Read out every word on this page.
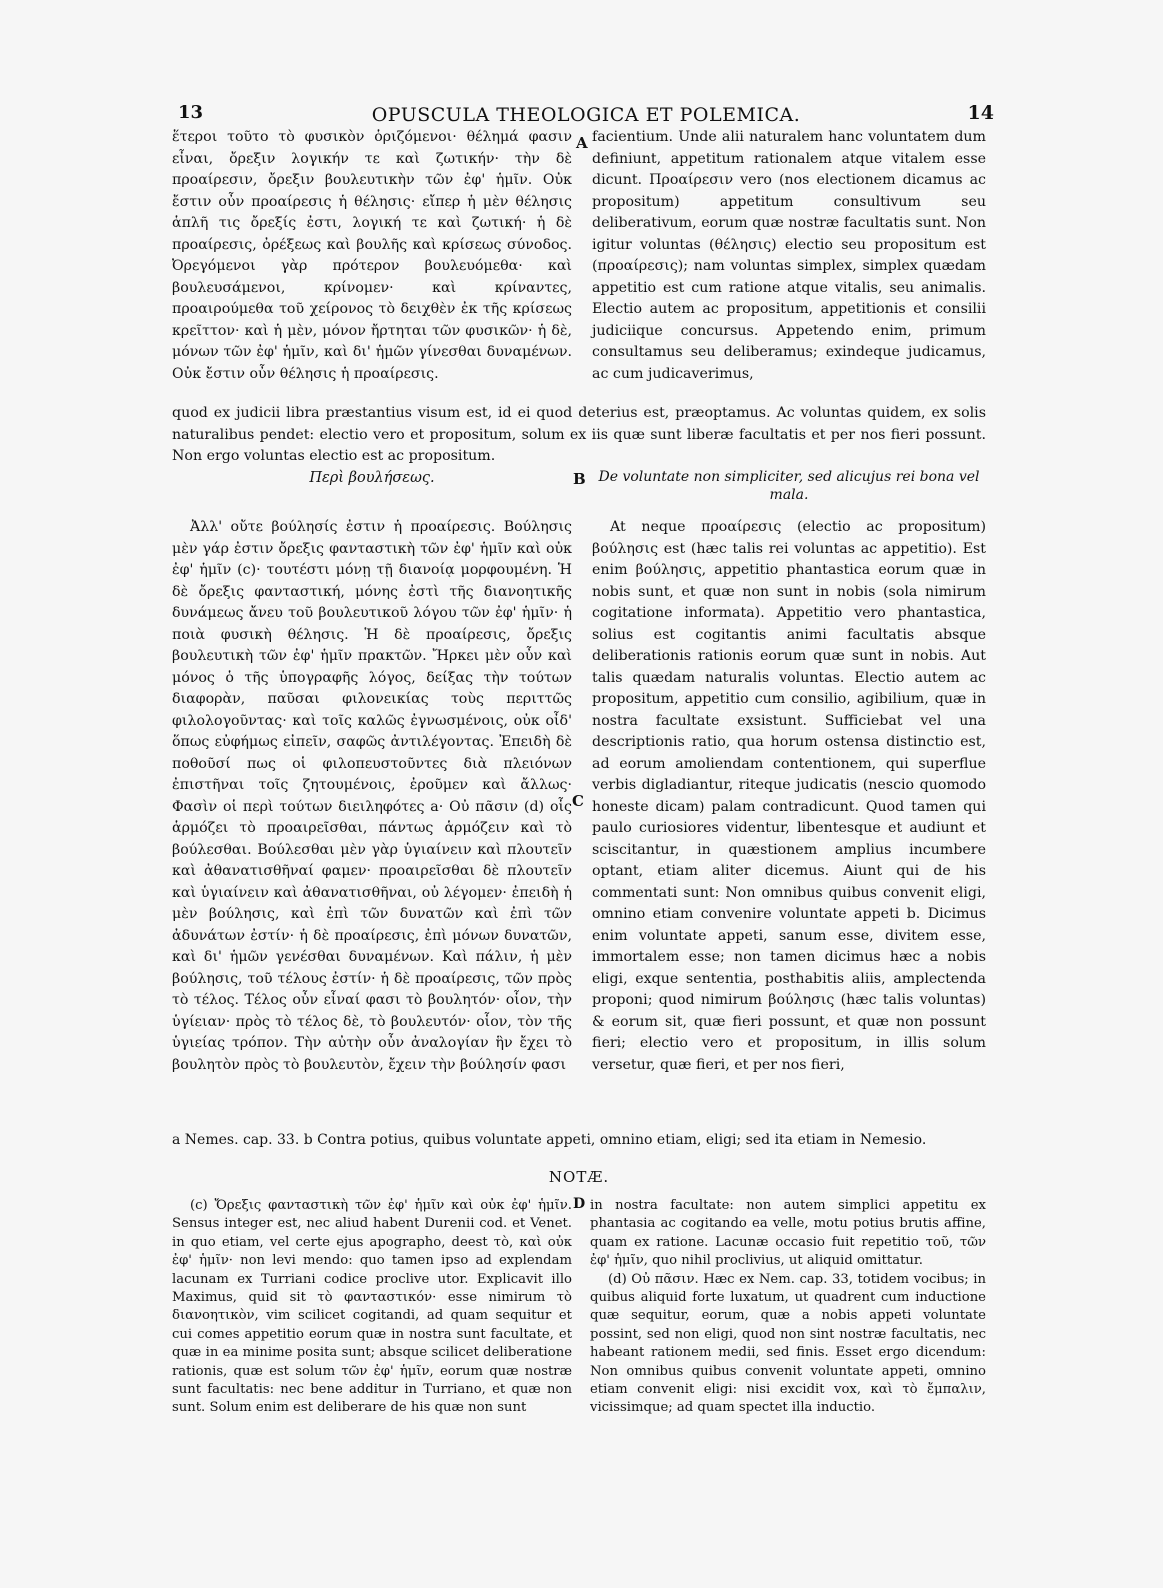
13	OPUSCULA THEOLOGICA ET POLEMICA.	14

ἕτεροι τοῦτο τὸ φυσικὸν ὁριζόμενοι· θέλημά φασιν εἶναι, ὄρεξιν λογικήν τε καὶ ζωτικήν· τὴν δὲ προαίρεσιν, ὄρεξιν βουλευτικὴν τῶν ἐφ' ἡμῖν. Οὐκ ἔστιν οὖν προαίρεσις ἡ θέλησις· εἴπερ ἡ μὲν θέλησις ἁπλῆ τις ὄρεξίς ἐστι, λογική τε καὶ ζωτική· ἡ δὲ προαίρεσις, ὀρέξεως καὶ βουλῆς καὶ κρίσεως σύνοδος. Ὀρεγόμενοι γὰρ πρότερον βουλευόμεθα· καὶ βουλευσάμενοι, κρίνομεν· καὶ κρίναντες, προαιρούμεθα τοῦ χείρονος τὸ δειχθὲν ἐκ τῆς κρίσεως κρεῖττον· καὶ ἡ μὲν, μόνον ἤρτηται τῶν φυσικῶν· ἡ δὲ, μόνων τῶν ἐφ' ἡμῖν, καὶ δι' ἡμῶν γίνεσθαι δυναμένων. Οὐκ ἔστιν οὖν θέλησις ἡ προαίρεσις.

A facientium. Unde alii naturalem hanc voluntatem dum definiunt, appetitum rationalem atque vitalem esse dicunt. Προαίρεσιν vero (nos electionem dicamus ac propositum) appetitum consultivum seu deliberativum, eorum quæ nostræ facultatis sunt. Non igitur voluntas (θέλησις) electio seu propositum est (προαίρεσις); nam voluntas simplex, simplex quædam appetitio est cum ratione atque vitalis, seu animalis. Electio autem ac propositum, appetitionis et consilii judiciique concursus. Appetendo enim, primum consultamus seu deliberamus; exindeque judicamus, ac cum judicaverimus,

quod ex judicii libra præstantius visum est, id ei quod deterius est, præoptamus. Ac voluntas quidem, ex solis naturalibus pendet: electio vero et propositum, solum ex iis quæ sunt liberæ facultatis et per nos fieri possunt. Non ergo voluntas electio est ac propositum.
Περὶ βουλήσεως.	B De voluntate non simpliciter, sed alicujus rei bona vel mala.

Ἀλλ' οὔτε βούλησίς ἐστιν ἡ προαίρεσις. Βούλησις μὲν γάρ ἐστιν ὄρεξις φανταστικὴ τῶν ἐφ' ἡμῖν καὶ οὐκ ἐφ' ἡμῖν (c)· τουτέστι μόνῃ τῇ διανοίᾳ μορφουμένη. Ἡ δὲ ὄρεξις φανταστική, μόνης ἐστὶ τῆς διανοητικῆς δυνάμεως ἄνευ τοῦ βουλευτικοῦ λόγου τῶν ἐφ' ἡμῖν· ἡ ποιὰ φυσικὴ θέλησις. Ἡ δὲ προαίρεσις, ὄρεξις βουλευτικὴ τῶν ἐφ' ἡμῖν πρακτῶν. Ἤρκει μὲν οὖν καὶ μόνος ὁ τῆς ὑπογραφῆς λόγος, δείξας τὴν τούτων διαφορὰν, παῦσαι φιλονεικίας τοὺς περιττῶς φιλολογοῦντας· καὶ τοῖς καλῶς ἐγνωσμένοις, οὐκ οἶδ' ὅπως εὐφήμως εἰπεῖν, σαφῶς ἀντιλέγοντας. Ἐπειδὴ δὲ ποθοῦσί πως οἱ φιλοπευστοῦντες διὰ πλειόνων ἐπιστῆναι τοῖς ζητουμένοις, ἐροῦμεν καὶ ἄλλως· Φασὶν οἱ περὶ τούτων διειληφότες a· Οὐ πᾶσιν (d) οἷς ἁρμόζει τὸ προαιρεῖσθαι, πάντως ἁρμόζειν καὶ τὸ βούλεσθαι. Βούλεσθαι μὲν γὰρ ὑγιαίνειν καὶ πλουτεῖν καὶ ἀθανατισθῆναί φαμεν· προαιρεῖσθαι δὲ πλουτεῖν καὶ ὑγιαίνειν καὶ ἀθανατισθῆναι, οὐ λέγομεν· ἐπειδὴ ἡ μὲν βούλησις, καὶ ἐπὶ τῶν δυνατῶν καὶ ἐπὶ τῶν ἀδυνάτων ἐστίν· ἡ δὲ προαίρεσις, ἐπὶ μόνων δυνατῶν, καὶ δι' ἡμῶν γενέσθαι δυναμένων. Καὶ πάλιν, ἡ μὲν βούλησις, τοῦ τέλους ἐστίν· ἡ δὲ προαίρεσις, τῶν πρὸς τὸ τέλος. Τέλος οὖν εἶναί φασι τὸ βουλητόν· οἷον, τὴν ὑγίειαν· πρὸς τὸ τέλος δὲ, τὸ βουλευτόν· οἷον, τὸν τῆς ὑγιείας τρόπον. Τὴν αὐτὴν οὖν ἀναλογίαν ἣν ἔχει τὸ βουλητὸν πρὸς τὸ βουλευτὸν, ἔχειν τὴν βούλησίν φασι

C

At neque προαίρεσις (electio ac propositum) βούλησις est (hæc talis rei voluntas ac appetitio). Est enim βούλησις, appetitio phantastica eorum quæ in nobis sunt, et quæ non sunt in nobis (sola nimirum cogitatione informata). Appetitio vero phantastica, solius est cogitantis animi facultatis absque deliberationis rationis eorum quæ sunt in nobis. Aut talis quædam naturalis voluntas. Electio autem ac propositum, appetitio cum consilio, agibilium, quæ in nostra facultate exsistunt. Sufficiebat vel una descriptionis ratio, qua horum ostensa distinctio est, ad eorum amoliendam contentionem, qui superflue verbis digladiantur, riteque judicatis (nescio quomodo honeste dicam) palam contradicunt. Quod tamen qui paulo curiosiores videntur, libentesque et audiunt et sciscitantur, in quæstionem amplius incumbere optant, etiam aliter dicemus. Aiunt qui de his commentati sunt: Non omnibus quibus convenit eligi, omnino etiam convenire voluntate appeti b. Dicimus enim voluntate appeti, sanum esse, divitem esse, immortalem esse; non tamen dicimus hæc a nobis eligi, exque sententia, posthabitis aliis, amplectenda proponi; quod nimirum βούλησις (hæc talis voluntas) & eorum sit, quæ fieri possunt, et quæ non possunt fieri; electio vero et propositum, in illis solum versetur, quæ fieri, et per nos fieri,

a Nemes. cap. 33. b Contra potius, quibus voluntate appeti, omnino etiam, eligi; sed ita etiam in Nemesio.
NOTÆ.

(c) Ὄρεξις φανταστικὴ τῶν ἐφ' ἡμῖν καὶ οὐκ ἐφ' ἡμῖν. Sensus integer est, nec aliud habent Durenii cod. et Venet. in quo etiam, vel certe ejus apographo, deest τὸ, καὶ οὐκ ἐφ' ἡμῖν· non levi mendo: quo tamen ipso ad explendam lacunam ex Turriani codice proclive utor. Explicavit illo Maximus, quid sit τὸ φανταστικόν· esse nimirum τὸ διανοητικὸν, vim scilicet cogitandi, ad quam sequitur et cui comes appetitio eorum quæ in nostra sunt facultate, et quæ in ea minime posita sunt; absque scilicet deliberatione rationis, quæ est solum τῶν ἐφ' ἡμῖν, eorum quæ nostræ sunt facultatis: nec bene additur in Turriano, et quæ non sunt. Solum enim est deliberare de his quæ non sunt

D in nostra facultate: non autem simplici appetitu ex phantasia ac cogitando ea velle, motu potius brutis affine, quam ex ratione. Lacunæ occasio fuit repetitio τοῦ, τῶν ἐφ' ἡμῖν, quo nihil proclivius, ut aliquid omittatur.

(d) Οὐ πᾶσιν. Hæc ex Nem. cap. 33, totidem vocibus; in quibus aliquid forte luxatum, ut quadrent cum inductione quæ sequitur, eorum, quæ a nobis appeti voluntate possint, sed non eligi, quod non sint nostræ facultatis, nec habeant rationem medii, sed finis. Esset ergo dicendum: Non omnibus quibus convenit voluntate appeti, omnino etiam convenit eligi: nisi excidit vox, καὶ τὸ ἔμπαλιν, vicissimque; ad quam spectet illa inductio.
